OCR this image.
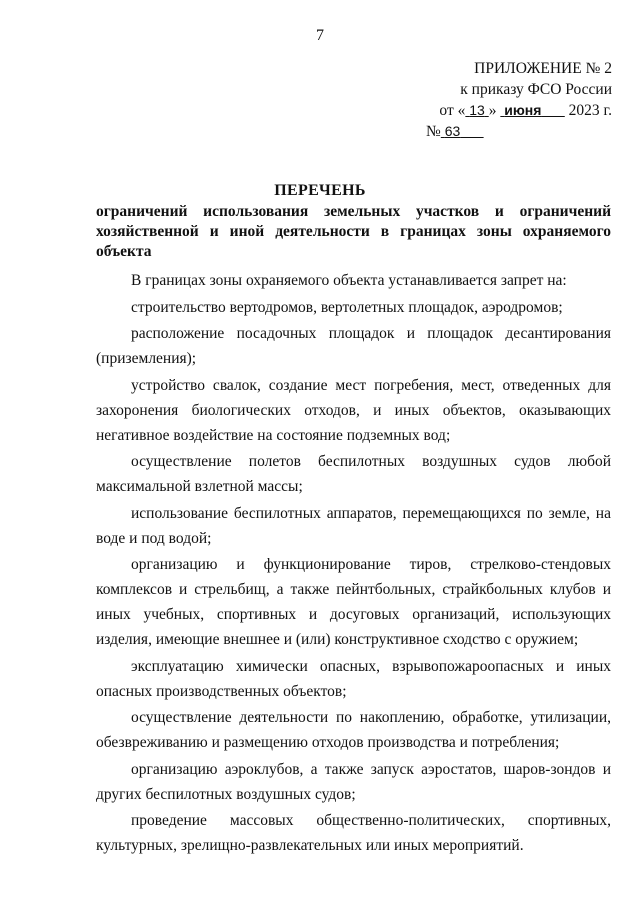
7
ПРИЛОЖЕНИЕ № 2
к приказу ФСО России
от « 13 » июня 2023 г.
№ 63
ПЕРЕЧЕНЬ
ограничений использования земельных участков и ограничений
хозяйственной и иной деятельности в границах зоны охраняемого объекта

В границах зоны охраняемого объекта устанавливается запрет на:

строительство вертодромов, вертолетных площадок, аэродромов;

расположение посадочных площадок и площадок десантирования (приземления);

устройство свалок, создание мест погребения, мест, отведенных для захоронения биологических отходов, и иных объектов, оказывающих негативное воздействие на состояние подземных вод;

осуществление полетов беспилотных воздушных судов любой максимальной взлетной массы;

использование беспилотных аппаратов, перемещающихся по земле, на воде и под водой;

организацию и функционирование тиров, стрелково-стендовых комплексов и стрельбищ, а также пейнтбольных, страйкбольных клубов и иных учебных, спортивных и досуговых организаций, использующих изделия, имеющие внешнее и (или) конструктивное сходство с оружием;

эксплуатацию химически опасных, взрывопожароопасных и иных опасных производственных объектов;

осуществление деятельности по накоплению, обработке, утилизации, обезвреживанию и размещению отходов производства и потребления;

организацию аэроклубов, а также запуск аэростатов, шаров-зондов и других беспилотных воздушных судов;

проведение массовых общественно-политических, спортивных, культурных, зрелищно-развлекательных или иных мероприятий.
